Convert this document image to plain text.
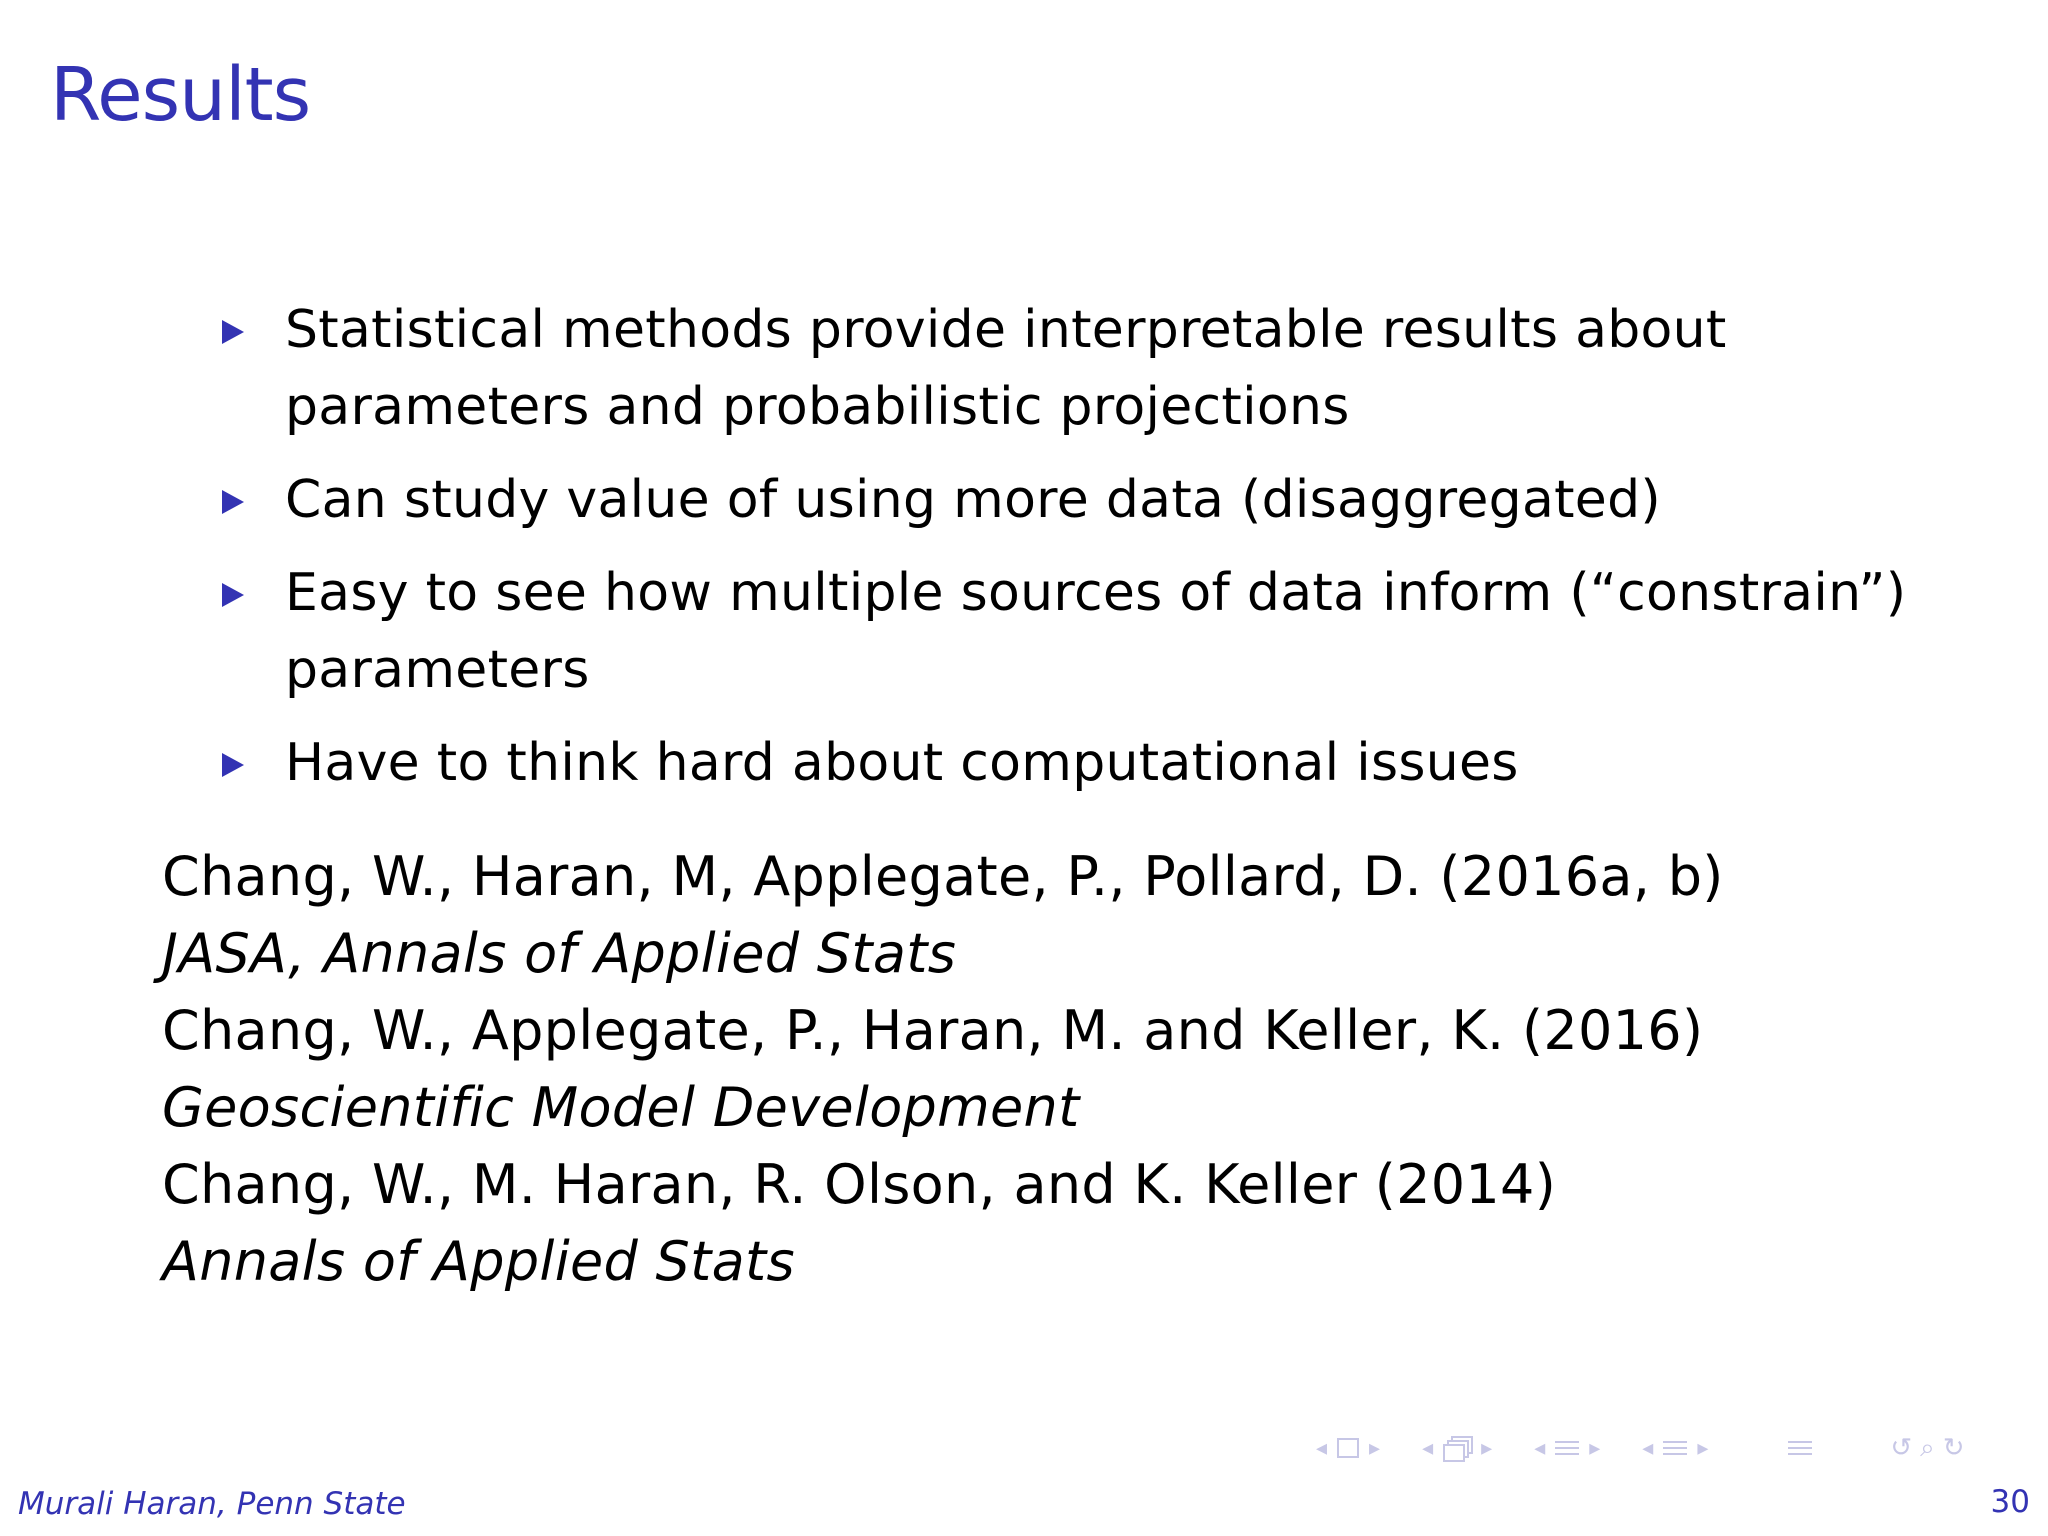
Results
Statistical methods provide interpretable results about
parameters and probabilistic projections
Can study value of using more data (disaggregated)
Easy to see how multiple sources of data inform (“constrain”)
parameters
Have to think hard about computational issues
Chang, W., Haran, M, Applegate, P., Pollard, D. (2016a, b)
JASA, Annals of Applied Stats
Chang, W., Applegate, P., Haran, M. and Keller, K. (2016)
Geoscientific Model Development
Chang, W., M. Haran, R. Olson, and K. Keller (2014)
Annals of Applied Stats
◂ ▸ ◂ ▸ ◂ ▸ ◂ ▸	↺ ⌕ ↻
Murali Haran, Penn State	30
